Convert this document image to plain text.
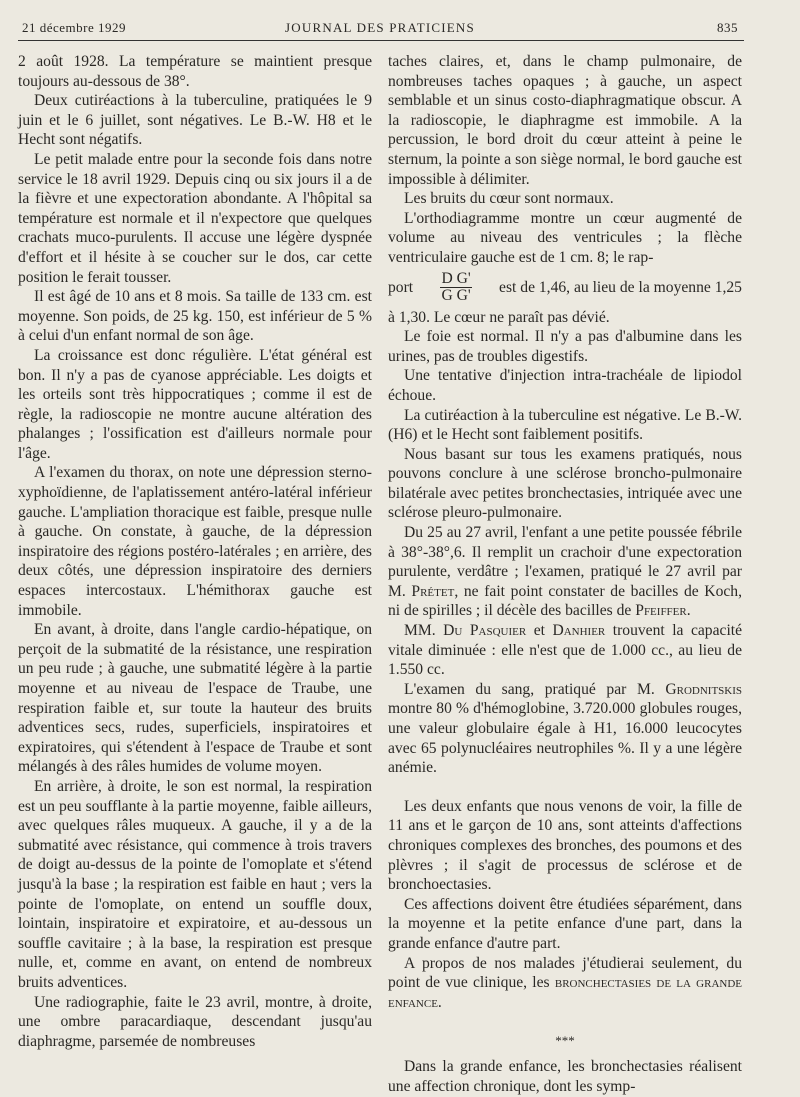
21 décembre 1929	JOURNAL DES PRATICIENS	835

2 août 1928. La température se maintient presque toujours au-dessous de 38°.

Deux cutiréactions à la tuberculine, pratiquées le 9 juin et le 6 juillet, sont négatives. Le B.-W. H8 et le Hecht sont négatifs.

Le petit malade entre pour la seconde fois dans notre service le 18 avril 1929. Depuis cinq ou six jours il a de la fièvre et une expectoration abondante. A l'hôpital sa température est normale et il n'expectore que quelques crachats muco-purulents. Il accuse une légère dyspnée d'effort et il hésite à se coucher sur le dos, car cette position le ferait tousser.

Il est âgé de 10 ans et 8 mois. Sa taille de 133 cm. est moyenne. Son poids, de 25 kg. 150, est inférieur de 5 % à celui d'un enfant normal de son âge.

La croissance est donc régulière. L'état général est bon. Il n'y a pas de cyanose appréciable. Les doigts et les orteils sont très hippocratiques ; comme il est de règle, la radioscopie ne montre aucune altération des phalanges ; l'ossification est d'ailleurs normale pour l'âge.

A l'examen du thorax, on note une dépression sterno-xyphoïdienne, de l'aplatissement antéro-latéral inférieur gauche. L'ampliation thoracique est faible, presque nulle à gauche. On constate, à gauche, de la dépression inspiratoire des régions postéro-latérales ; en arrière, des deux côtés, une dépression inspiratoire des derniers espaces intercostaux. L'hémithorax gauche est immobile.

En avant, à droite, dans l'angle cardio-hépatique, on perçoit de la submatité de la résistance, une respiration un peu rude ; à gauche, une submatité légère à la partie moyenne et au niveau de l'espace de Traube, une respiration faible et, sur toute la hauteur des bruits adventices secs, rudes, superficiels, inspiratoires et expiratoires, qui s'étendent à l'espace de Traube et sont mélangés à des râles humides de volume moyen.

En arrière, à droite, le son est normal, la respiration est un peu soufflante à la partie moyenne, faible ailleurs, avec quelques râles muqueux. A gauche, il y a de la submatité avec résistance, qui commence à trois travers de doigt au-dessus de la pointe de l'omoplate et s'étend jusqu'à la base ; la respiration est faible en haut ; vers la pointe de l'omoplate, on entend un souffle doux, lointain, inspiratoire et expiratoire, et au-dessous un souffle cavitaire ; à la base, la respiration est presque nulle, et, comme en avant, on entend de nombreux bruits adventices.

Une radiographie, faite le 23 avril, montre, à droite, une ombre paracardiaque, descendant jusqu'au diaphragme, parsemée de nombreuses

taches claires, et, dans le champ pulmonaire, de nombreuses taches opaques ; à gauche, un aspect semblable et un sinus costo-diaphragmatique obscur. A la radioscopie, le diaphragme est immobile. A la percussion, le bord droit du cœur atteint à peine le sternum, la pointe a son siège normal, le bord gauche est impossible à délimiter.

Les bruits du cœur sont normaux.

L'orthodiagramme montre un cœur augmenté de volume au niveau des ventricules ; la flèche ventriculaire gauche est de 1 cm. 8; le rap-

port $\frac{\text{D G'}}{\text{G G'}}$ est de 1,46, au lieu de la moyenne 1,25

à 1,30. Le cœur ne paraît pas dévié.

Le foie est normal. Il n'y a pas d'albumine dans les urines, pas de troubles digestifs.

Une tentative d'injection intra-trachéale de lipiodol échoue.

La cutiréaction à la tuberculine est négative. Le B.-W. (H6) et le Hecht sont faiblement positifs.

Nous basant sur tous les examens pratiqués, nous pouvons conclure à une sclérose broncho-pulmonaire bilatérale avec petites bronchectasies, intriquée avec une sclérose pleuro-pulmonaire.

Du 25 au 27 avril, l'enfant a une petite poussée fébrile à 38°-38°,6. Il remplit un crachoir d'une expectoration purulente, verdâtre ; l'examen, pratiqué le 27 avril par M. Prétet, ne fait point constater de bacilles de Koch, ni de spirilles ; il décèle des bacilles de Pfeiffer.

MM. Du Pasquier et Danhier trouvent la capacité vitale diminuée : elle n'est que de 1.000 cc., au lieu de 1.550 cc.

L'examen du sang, pratiqué par M. Grodnitskis montre 80 % d'hémoglobine, 3.720.000 globules rouges, une valeur globulaire égale à H1, 16.000 leucocytes avec 65 polynucléaires neutrophiles %. Il y a une légère anémie.

Les deux enfants que nous venons de voir, la fille de 11 ans et le garçon de 10 ans, sont atteints d'affections chroniques complexes des bronches, des poumons et des plèvres ; il s'agit de processus de sclérose et de bronchoectasies.

Ces affections doivent être étudiées séparément, dans la moyenne et la petite enfance d'une part, dans la grande enfance d'autre part.

A propos de nos malades j'étudierai seulement, du point de vue clinique, les bronchectasies de la grande enfance.

***

Dans la grande enfance, les bronchectasies réalisent une affection chronique, dont les symp-
